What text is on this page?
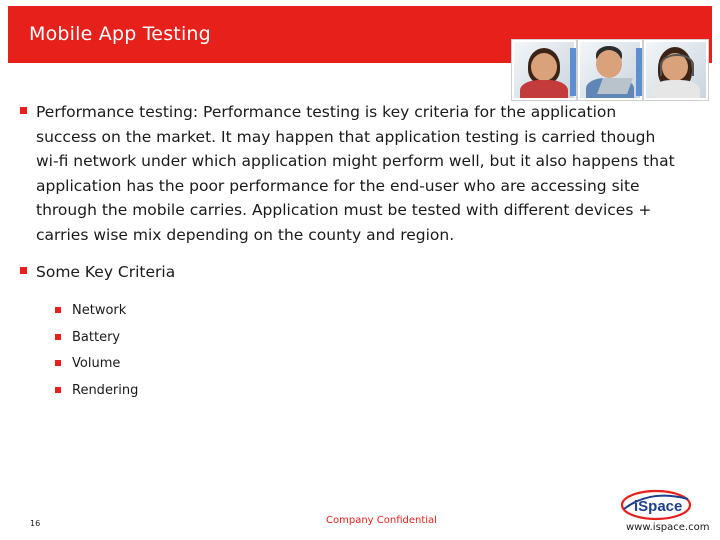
Mobile App Testing

Performance testing: Performance testing is key criteria for the application success on the market. It may happen that application testing is carried though wi-fi network under which application might perform well, but it also happens that application has the poor performance for the end-user who are accessing site through the mobile carries. Application must be tested with different devices + carries wise mix depending on the county and region.

Some Key Criteria

Network
Battery
Volume
Rendering
16	Company Confidential
iSpace
www.ispace.com
